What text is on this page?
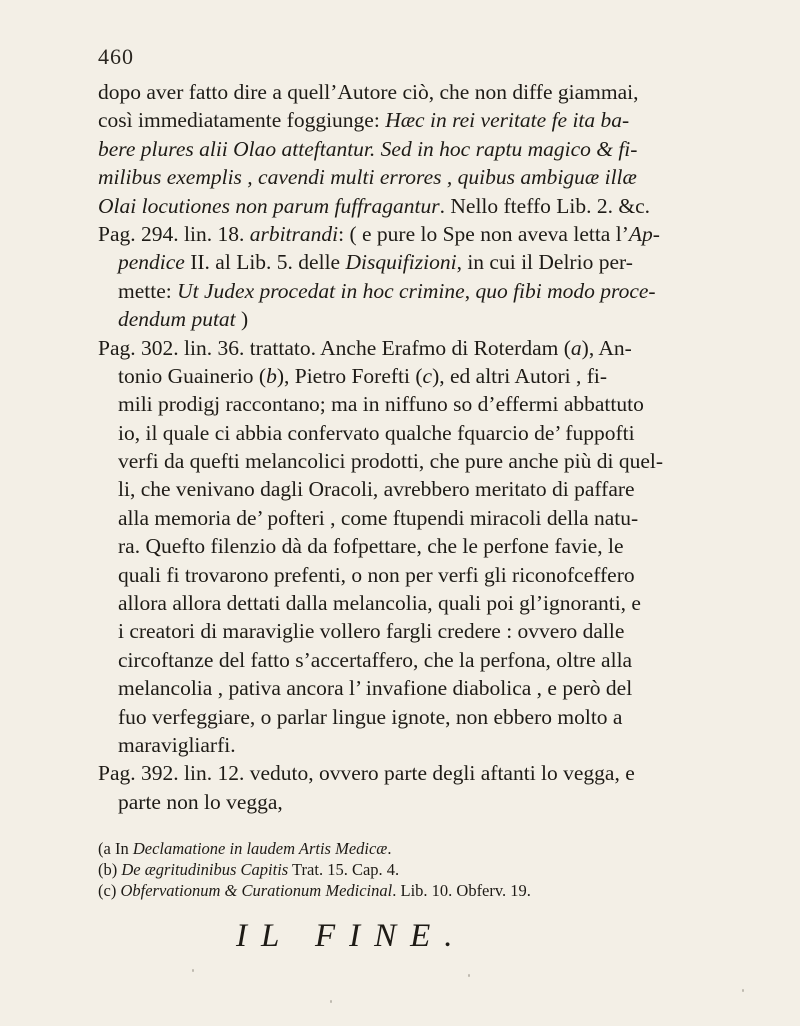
460
dopo aver fatto dire a quell’Autore ciò, che non diffe giammai,
così immediatamente foggiunge: Hæc in rei veritate fe ita ba-
bere plures alii Olao atteftantur. Sed in hoc raptu magico & fi-
milibus exemplis , cavendi multi errores , quibus ambiguæ illæ
Olai locutiones non parum fuffragantur. Nello fteffo Lib. 2. &c.
Pag. 294. lin. 18. arbitrandi: ( e pure lo Spe non aveva letta l’Ap-
pendice II. al Lib. 5. delle Disquifizioni, in cui il Delrio per-
mette: Ut Judex procedat in hoc crimine, quo fibi modo proce-
dendum putat )
Pag. 302. lin. 36. trattato. Anche Erafmo di Roterdam (a), An-
tonio Guainerio (b), Pietro Forefti (c), ed altri Autori , fi-
mili prodigj raccontano; ma in niffuno so d’effermi abbattuto
io, il quale ci abbia confervato qualche fquarcio de’ fuppofti
verfi da quefti melancolici prodotti, che pure anche più di quel-
li, che venivano dagli Oracoli, avrebbero meritato di paffare
alla memoria de’ pofteri , come ftupendi miracoli della natu-
ra. Quefto filenzio dà da fofpettare, che le perfone favie, le
quali fi trovarono prefenti, o non per verfi gli riconofceffero
allora allora dettati dalla melancolia, quali poi gl’ignoranti, e
i creatori di maraviglie vollero fargli credere : ovvero dalle
circoftanze del fatto s’accertaffero, che la perfona, oltre alla
melancolia , pativa ancora l’ invafione diabolica , e però del
fuo verfeggiare, o parlar lingue ignote, non ebbero molto a
maravigliarfi.
Pag. 392. lin. 12. veduto, ovvero parte degli aftanti lo vegga, e
parte non lo vegga,
(a In Declamatione in laudem Artis Medicæ.
(b) De ægritudinibus Capitis Trat. 15. Cap. 4.
(c) Obfervationum & Curationum Medicinal. Lib. 10. Obferv. 19.
IL FINE.
